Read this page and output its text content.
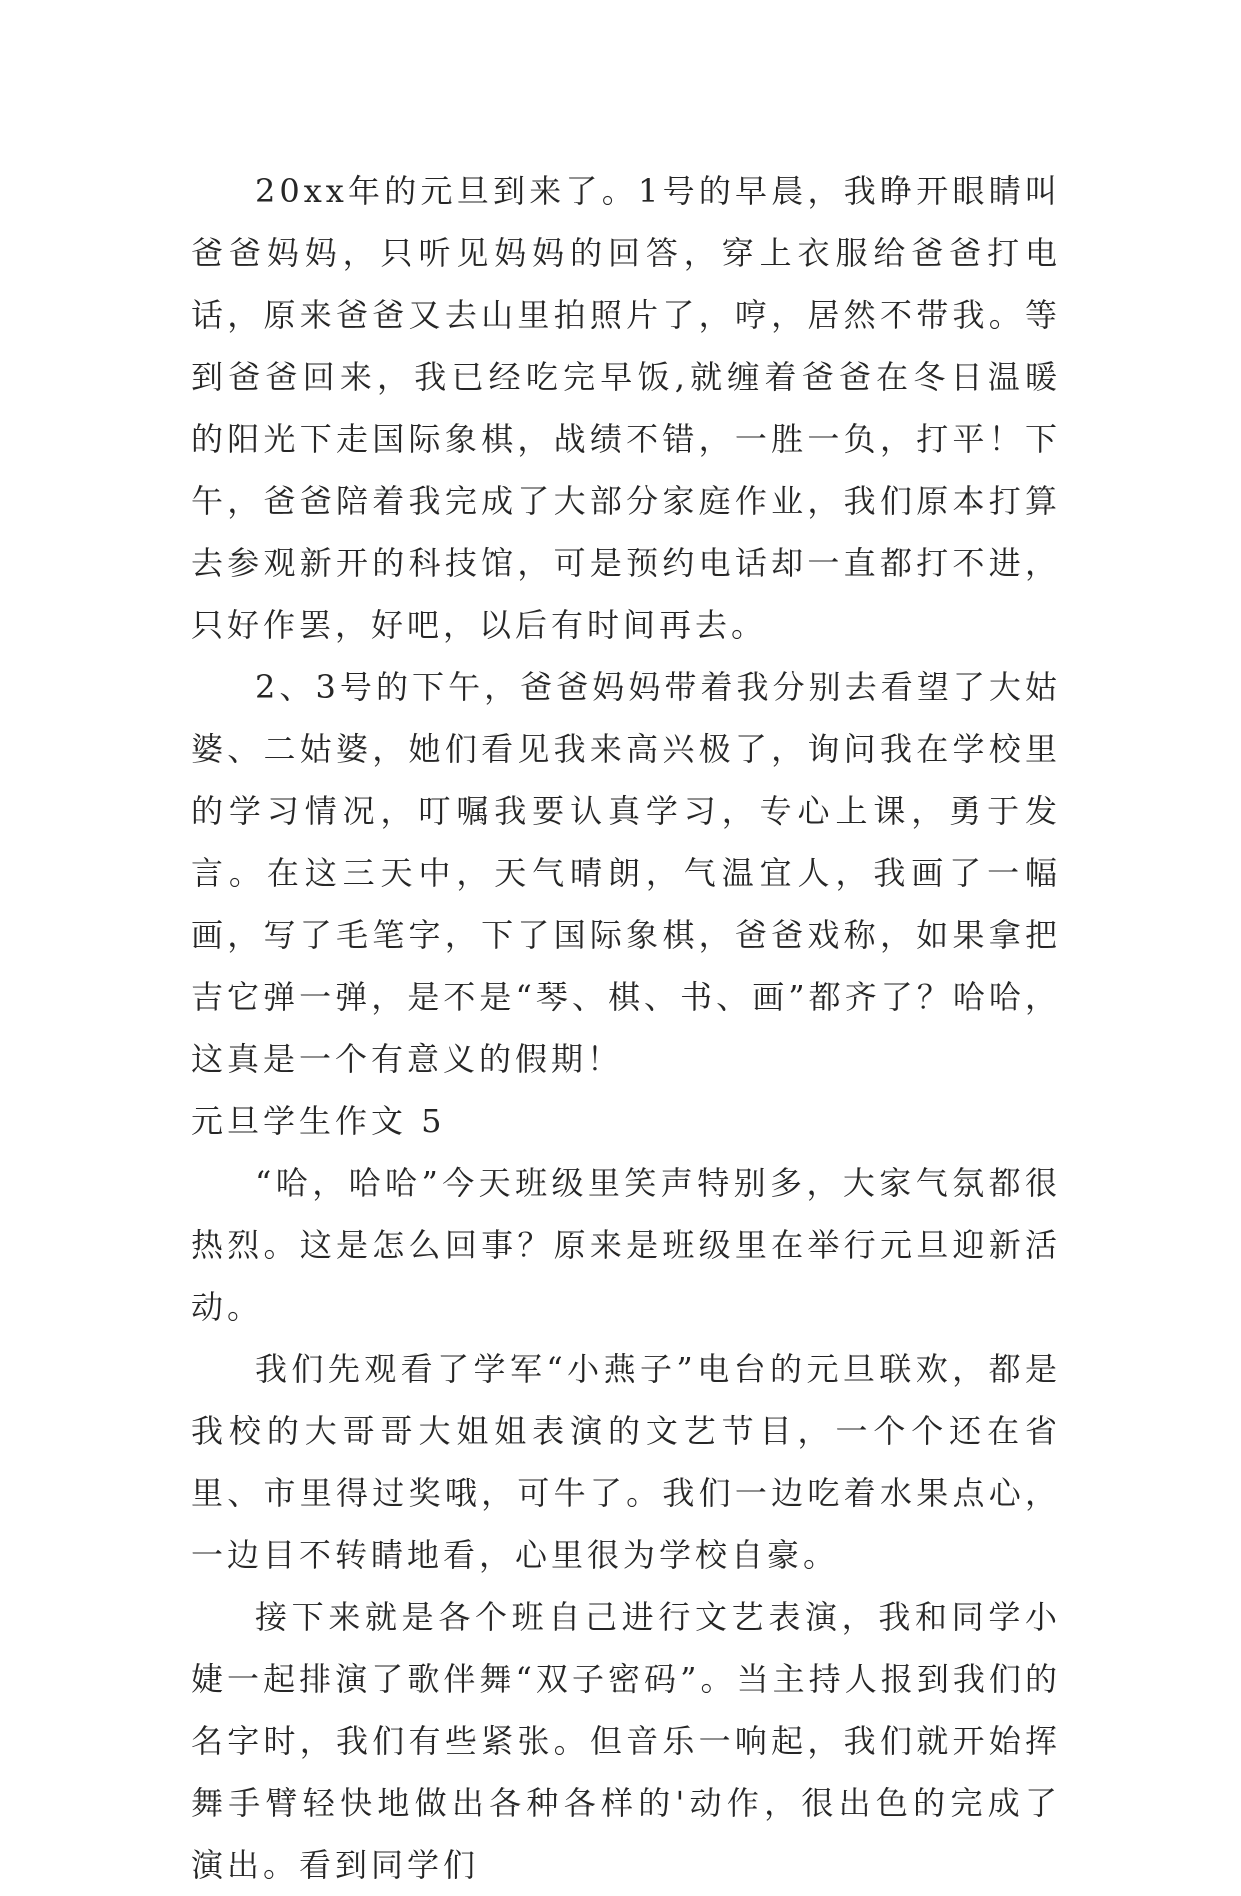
20xx年的元旦到来了。1号的早晨，我睁开眼睛叫爸爸妈妈，只听见妈妈的回答，穿上衣服给爸爸打电话，原来爸爸又去山里拍照片了，哼，居然不带我。等到爸爸回来，我已经吃完早饭,就缠着爸爸在冬日温暖的阳光下走国际象棋，战绩不错，一胜一负，打平！下午，爸爸陪着我完成了大部分家庭作业，我们原本打算去参观新开的科技馆，可是预约电话却一直都打不进，只好作罢，好吧，以后有时间再去。

2、3号的下午，爸爸妈妈带着我分别去看望了大姑婆、二姑婆，她们看见我来高兴极了，询问我在学校里的学习情况，叮嘱我要认真学习，专心上课，勇于发言。在这三天中，天气晴朗，气温宜人，我画了一幅画，写了毛笔字，下了国际象棋，爸爸戏称，如果拿把吉它弹一弹，是不是“琴、棋、书、画”都齐了？哈哈，这真是一个有意义的假期！

元旦学生作文 5

“哈，哈哈”今天班级里笑声特别多，大家气氛都很热烈。这是怎么回事？原来是班级里在举行元旦迎新活动。

我们先观看了学军“小燕子”电台的元旦联欢，都是我校的大哥哥大姐姐表演的文艺节目，一个个还在省里、市里得过奖哦，可牛了。我们一边吃着水果点心，一边目不转睛地看，心里很为学校自豪。

接下来就是各个班自己进行文艺表演，我和同学小婕一起排演了歌伴舞“双子密码”。当主持人报到我们的名字时，我们有些紧张。但音乐一响起，我们就开始挥舞手臂轻快地做出各种各样的'动作，很出色的完成了演出。看到同学们
